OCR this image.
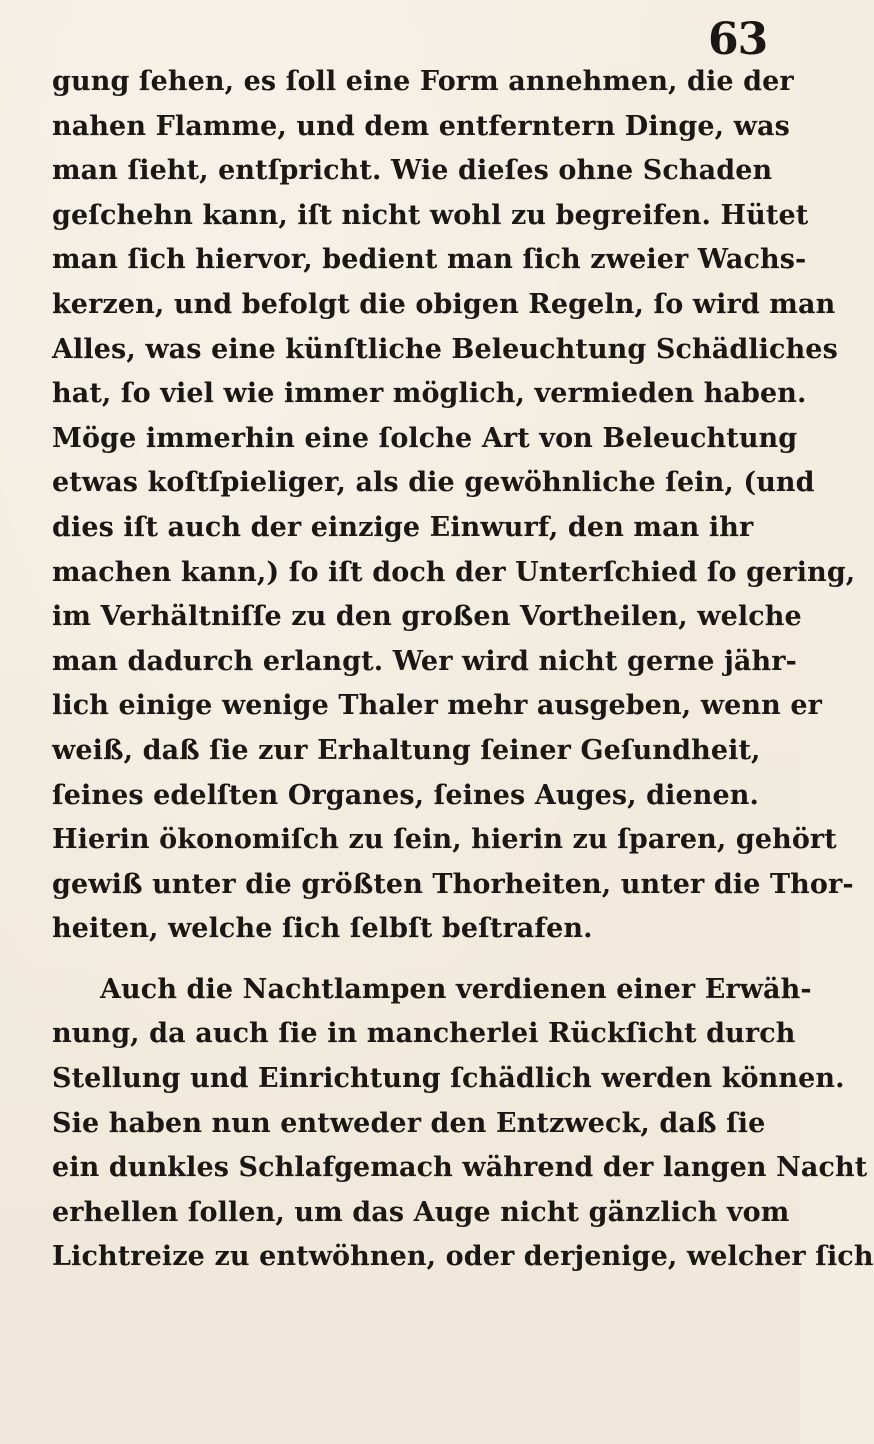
63
gung ſehen, es ſoll eine Form annehmen, die der
nahen Flamme, und dem entferntern Dinge, was
man ſieht, entſpricht. Wie dieſes ohne Schaden
geſchehn kann, iſt nicht wohl zu begreifen. Hütet
man ſich hiervor, bedient man ſich zweier Wachs-
kerzen, und befolgt die obigen Regeln, ſo wird man
Alles, was eine künſtliche Beleuchtung Schädliches
hat, ſo viel wie immer möglich, vermieden haben.
Möge immerhin eine ſolche Art von Beleuchtung
etwas koſtſpieliger, als die gewöhnliche ſein, (und
dies iſt auch der einzige Einwurf, den man ihr
machen kann,) ſo iſt doch der Unterſchied ſo gering,
im Verhältniſſe zu den großen Vortheilen, welche
man dadurch erlangt. Wer wird nicht gerne jähr-
lich einige wenige Thaler mehr ausgeben, wenn er
weiß, daß ſie zur Erhaltung ſeiner Geſundheit,
ſeines edelſten Organes, ſeines Auges, dienen.
Hierin ökonomiſch zu ſein, hierin zu ſparen, gehört
gewiß unter die größten Thorheiten, unter die Thor-
heiten, welche ſich ſelbſt beſtrafen.
Auch die Nachtlampen verdienen einer Erwäh-
nung, da auch ſie in mancherlei Rückſicht durch
Stellung und Einrichtung ſchädlich werden können.
Sie haben nun entweder den Entzweck, daß ſie
ein dunkles Schlafgemach während der langen Nacht
erhellen ſollen, um das Auge nicht gänzlich vom
Lichtreize zu entwöhnen, oder derjenige, welcher ſich
